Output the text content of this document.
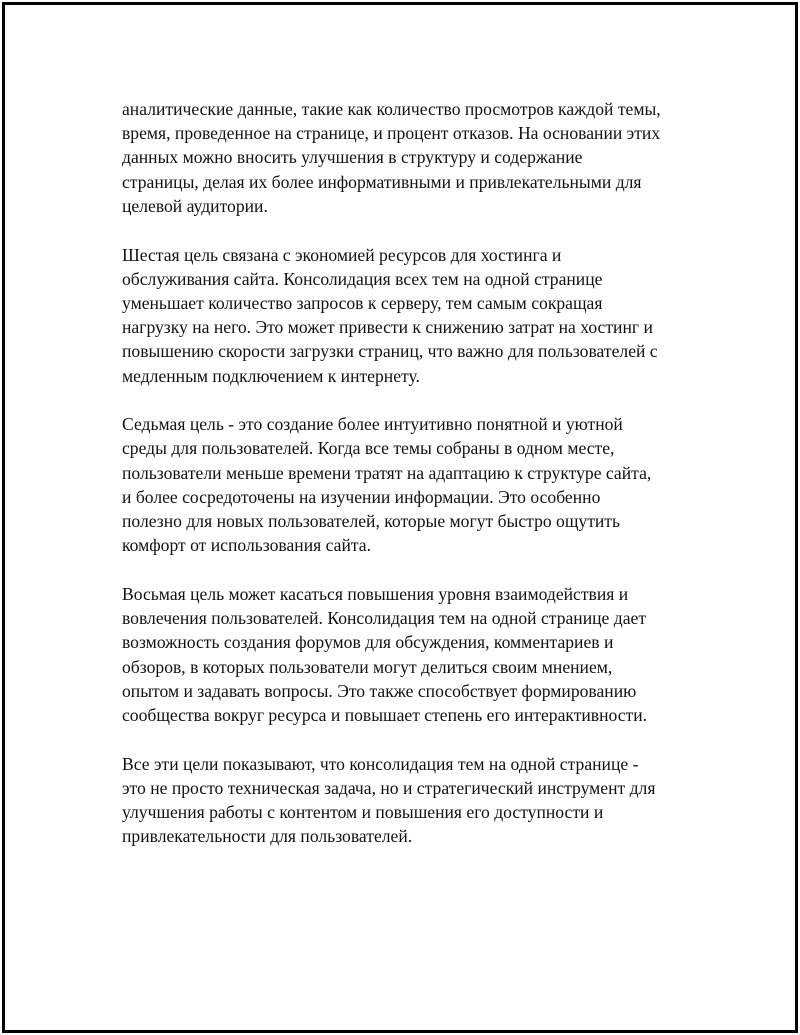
аналитические данные, такие как количество просмотров каждой темы,
время, проведенное на странице, и процент отказов. На основании этих
данных можно вносить улучшения в структуру и содержание
страницы, делая их более информативными и привлекательными для
целевой аудитории.

Шестая цель связана с экономией ресурсов для хостинга и
обслуживания сайта. Консолидация всех тем на одной странице
уменьшает количество запросов к серверу, тем самым сокращая
нагрузку на него. Это может привести к снижению затрат на хостинг и
повышению скорости загрузки страниц, что важно для пользователей с
медленным подключением к интернету.

Седьмая цель - это создание более интуитивно понятной и уютной
среды для пользователей. Когда все темы собраны в одном месте,
пользователи меньше времени тратят на адаптацию к структуре сайта,
и более сосредоточены на изучении информации. Это особенно
полезно для новых пользователей, которые могут быстро ощутить
комфорт от использования сайта.

Восьмая цель может касаться повышения уровня взаимодействия и
вовлечения пользователей. Консолидация тем на одной странице дает
возможность создания форумов для обсуждения, комментариев и
обзоров, в которых пользователи могут делиться своим мнением,
опытом и задавать вопросы. Это также способствует формированию
сообщества вокруг ресурса и повышает степень его интерактивности.

Все эти цели показывают, что консолидация тем на одной странице -
это не просто техническая задача, но и стратегический инструмент для
улучшения работы с контентом и повышения его доступности и
привлекательности для пользователей.
